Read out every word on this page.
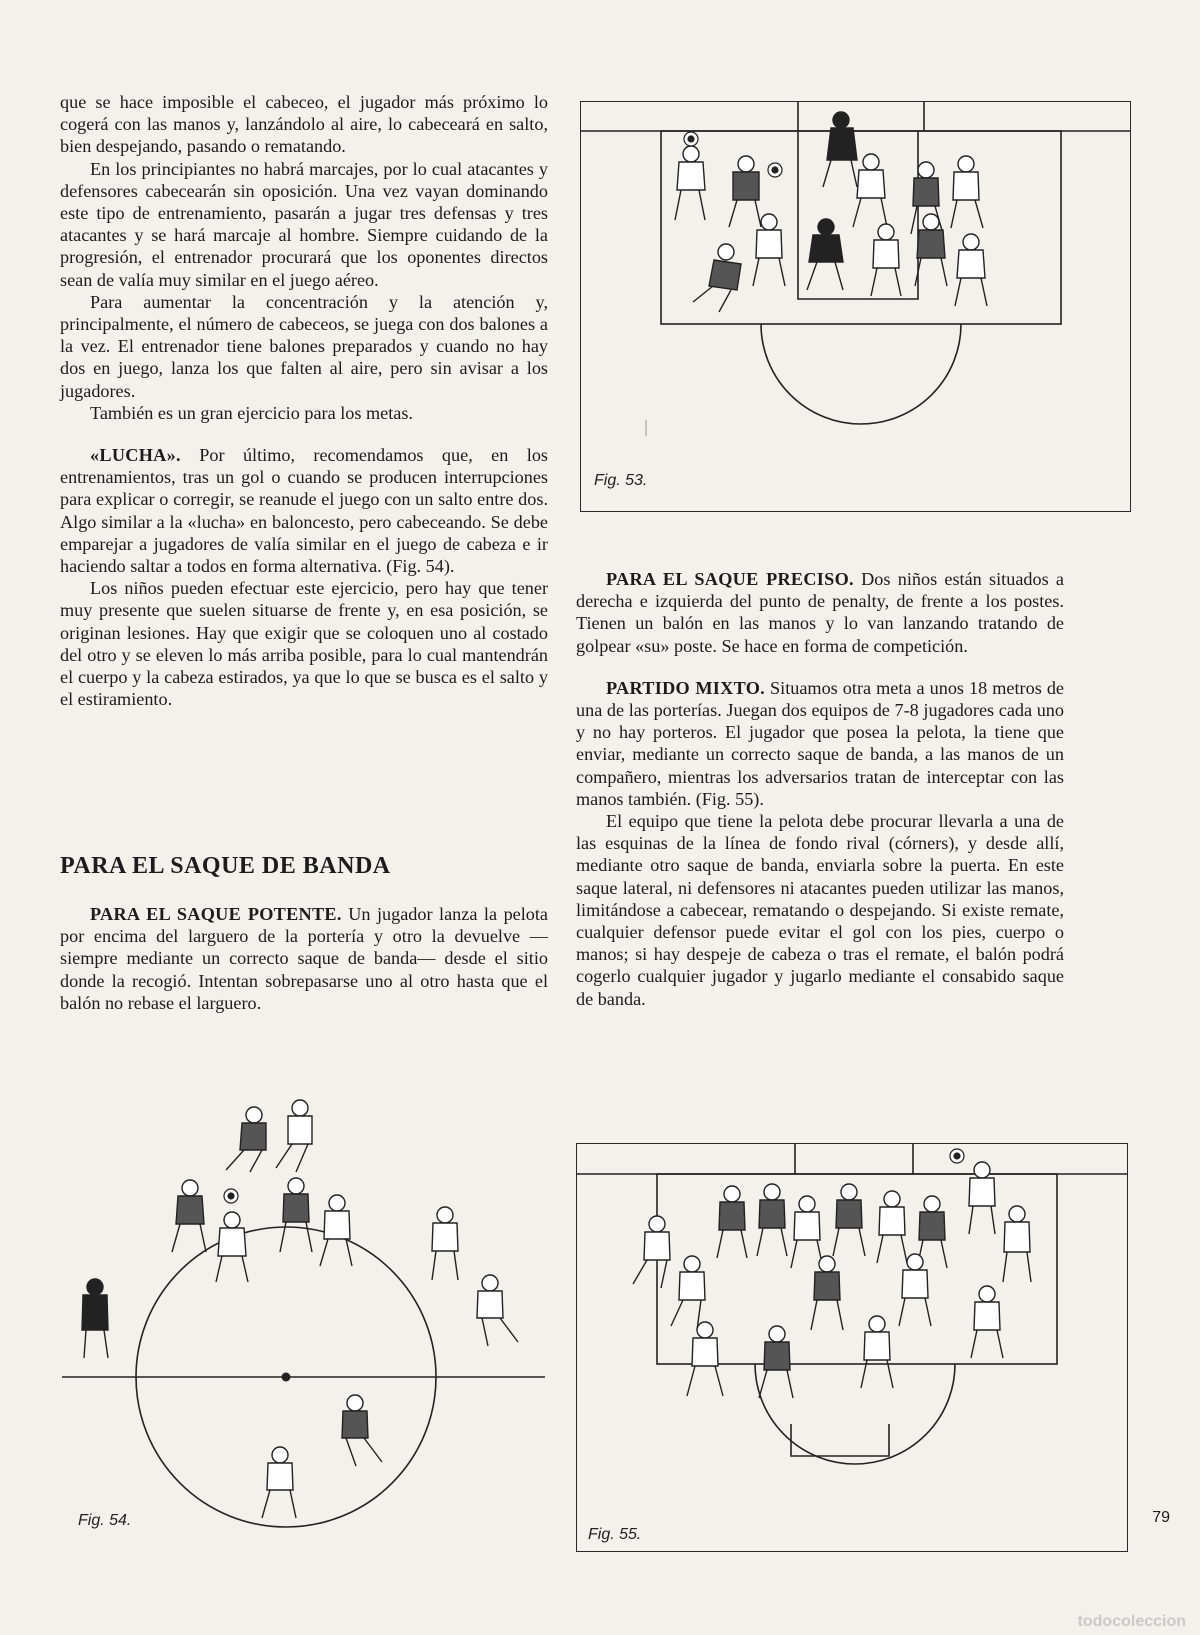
que se hace imposible el cabeceo, el jugador más próximo lo cogerá con las manos y, lanzándolo al aire, lo cabeceará en salto, bien despejando, pasando o rematando.

En los principiantes no habrá marcajes, por lo cual atacantes y defensores cabecearán sin oposición. Una vez vayan dominando este tipo de entrenamiento, pasarán a jugar tres defensas y tres atacantes y se hará marcaje al hombre. Siempre cuidando de la progresión, el entrenador procurará que los oponentes directos sean de valía muy similar en el juego aéreo.

Para aumentar la concentración y la atención y, principalmente, el número de cabeceos, se juega con dos balones a la vez. El entrenador tiene balones preparados y cuando no hay dos en juego, lanza los que falten al aire, pero sin avisar a los jugadores.

También es un gran ejercicio para los metas.

«LUCHA». Por último, recomendamos que, en los entrenamientos, tras un gol o cuando se producen interrupciones para explicar o corregir, se reanude el juego con un salto entre dos. Algo similar a la «lucha» en baloncesto, pero cabeceando. Se debe emparejar a jugadores de valía similar en el juego de cabeza e ir haciendo saltar a todos en forma alternativa. (Fig. 54).

Los niños pueden efectuar este ejercicio, pero hay que tener muy presente que suelen situarse de frente y, en esa posición, se originan lesiones. Hay que exigir que se coloquen uno al costado del otro y se eleven lo más arriba posible, para lo cual mantendrán el cuerpo y la cabeza estirados, ya que lo que se busca es el salto y el estiramiento.

PARA EL SAQUE DE BANDA

PARA EL SAQUE POTENTE. Un jugador lanza la pelota por encima del larguero de la portería y otro la devuelve —siempre mediante un correcto saque de banda— desde el sitio donde la recogió. Intentan sobrepasarse uno al otro hasta que el balón no rebase el larguero.

PARA EL SAQUE PRECISO. Dos niños están situados a derecha e izquierda del punto de penalty, de frente a los postes. Tienen un balón en las manos y lo van lanzando tratando de golpear «su» poste. Se hace en forma de competición.

PARTIDO MIXTO. Situamos otra meta a unos 18 metros de una de las porterías. Juegan dos equipos de 7-8 jugadores cada uno y no hay porteros. El jugador que posea la pelota, la tiene que enviar, mediante un correcto saque de banda, a las manos de un compañero, mientras los adversarios tratan de interceptar con las manos también. (Fig. 55).

El equipo que tiene la pelota debe procurar llevarla a una de las esquinas de la línea de fondo rival (córners), y desde allí, mediante otro saque de banda, enviarla sobre la puerta. En este saque lateral, ni defensores ni atacantes pueden utilizar las manos, limitándose a cabecear, rematando o despejando. Si existe remate, cualquier defensor puede evitar el gol con los pies, cuerpo o manos; si hay despeje de cabeza o tras el remate, el balón podrá cogerlo cualquier jugador y jugarlo mediante el consabido saque de banda.

Fig. 53.
Fig. 54.
Fig. 55.
79
todocoleccion
